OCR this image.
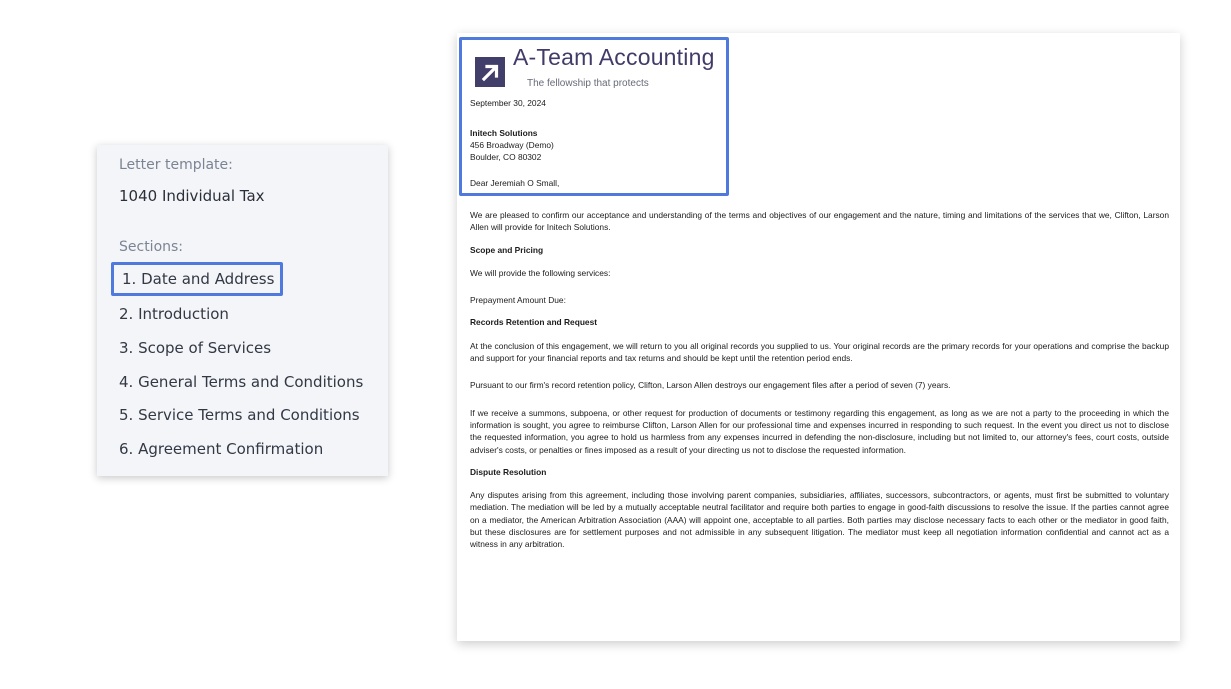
Letter template:
1040 Individual Tax
Sections:
1. Date and Address
2. Introduction
3. Scope of Services
4. General Terms and Conditions
5. Service Terms and Conditions
6. Agreement Confirmation
A-Team Accounting
The fellowship that protects
September 30, 2024
Initech Solutions
456 Broadway (Demo)
Boulder, CO 80302
Dear Jeremiah O Small,

We are pleased to confirm our acceptance and understanding of the terms and objectives of our engagement and the nature, timing and limitations of the services that we, Clifton, Larson Allen will provide for Initech Solutions.

Scope and Pricing

We will provide the following services:

Prepayment Amount Due:

Records Retention and Request

At the conclusion of this engagement, we will return to you all original records you supplied to us. Your original records are the primary records for your operations and comprise the backup and support for your financial reports and tax returns and should be kept until the retention period ends.

Pursuant to our firm's record retention policy, Clifton, Larson Allen destroys our engagement files after a period of seven (7) years.

If we receive a summons, subpoena, or other request for production of documents or testimony regarding this engagement, as long as we are not a party to the proceeding in which the information is sought, you agree to reimburse Clifton, Larson Allen for our professional time and expenses incurred in responding to such request. In the event you direct us not to disclose the requested information, you agree to hold us harmless from any expenses incurred in defending the non-disclosure, including but not limited to, our attorney's fees, court costs, outside adviser's costs, or penalties or fines imposed as a result of your directing us not to disclose the requested information.

Dispute Resolution

Any disputes arising from this agreement, including those involving parent companies, subsidiaries, affiliates, successors, subcontractors, or agents, must first be submitted to voluntary mediation. The mediation will be led by a mutually acceptable neutral facilitator and require both parties to engage in good-faith discussions to resolve the issue. If the parties cannot agree on a mediator, the American Arbitration Association (AAA) will appoint one, acceptable to all parties. Both parties may disclose necessary facts to each other or the mediator in good faith, but these disclosures are for settlement purposes and not admissible in any subsequent litigation. The mediator must keep all negotiation information confidential and cannot act as a witness in any arbitration.
